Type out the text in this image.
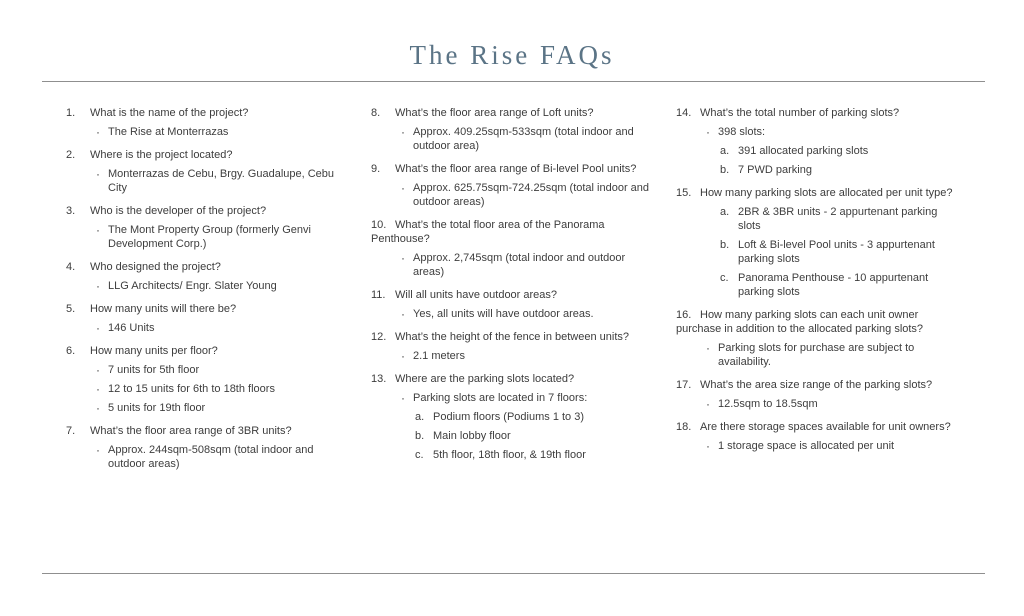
The Rise FAQs
1. What is the name of the project?
· The Rise at Monterrazas
2. Where is the project located?
· Monterrazas de Cebu, Brgy. Guadalupe, Cebu City
3. Who is the developer of the project?
· The Mont Property Group (formerly Genvi Development Corp.)
4. Who designed the project?
· LLG Architects/ Engr. Slater Young
5. How many units will there be?
· 146 Units
6. How many units per floor?
· 7 units for 5th floor
· 12 to 15 units for 6th to 18th floors
· 5 units for 19th floor
7. What’s the floor area range of 3BR units?
· Approx. 244sqm-508sqm (total indoor and outdoor areas)
8. What’s the floor area range of Loft units?
· Approx. 409.25sqm-533sqm (total indoor and outdoor area)
9. What’s the floor area range of Bi-level Pool units?
· Approx. 625.75sqm-724.25sqm (total indoor and outdoor areas)
10. What’s the total floor area of the Panorama Penthouse?
· Approx. 2,745sqm (total indoor and outdoor areas)
11. Will all units have outdoor areas?
· Yes, all units will have outdoor areas.
12. What’s the height of the fence in between units?
· 2.1 meters
13. Where are the parking slots located?
· Parking slots are located in 7 floors:
a. Podium floors (Podiums 1 to 3)
b. Main lobby floor
c. 5th floor, 18th floor, & 19th floor
14. What’s the total number of parking slots?
· 398 slots:
a. 391 allocated parking slots
b. 7 PWD parking
15. How many parking slots are allocated per unit type?
a. 2BR & 3BR units - 2 appurtenant parking slots
b. Loft & Bi-level Pool units - 3 appurtenant parking slots
c. Panorama Penthouse - 10 appurtenant parking slots
16. How many parking slots can each unit owner purchase in addition to the allocated parking slots?
· Parking slots for purchase are subject to availability.
17. What’s the area size range of the parking slots?
· 12.5sqm to 18.5sqm
18. Are there storage spaces available for unit owners?
· 1 storage space is allocated per unit
